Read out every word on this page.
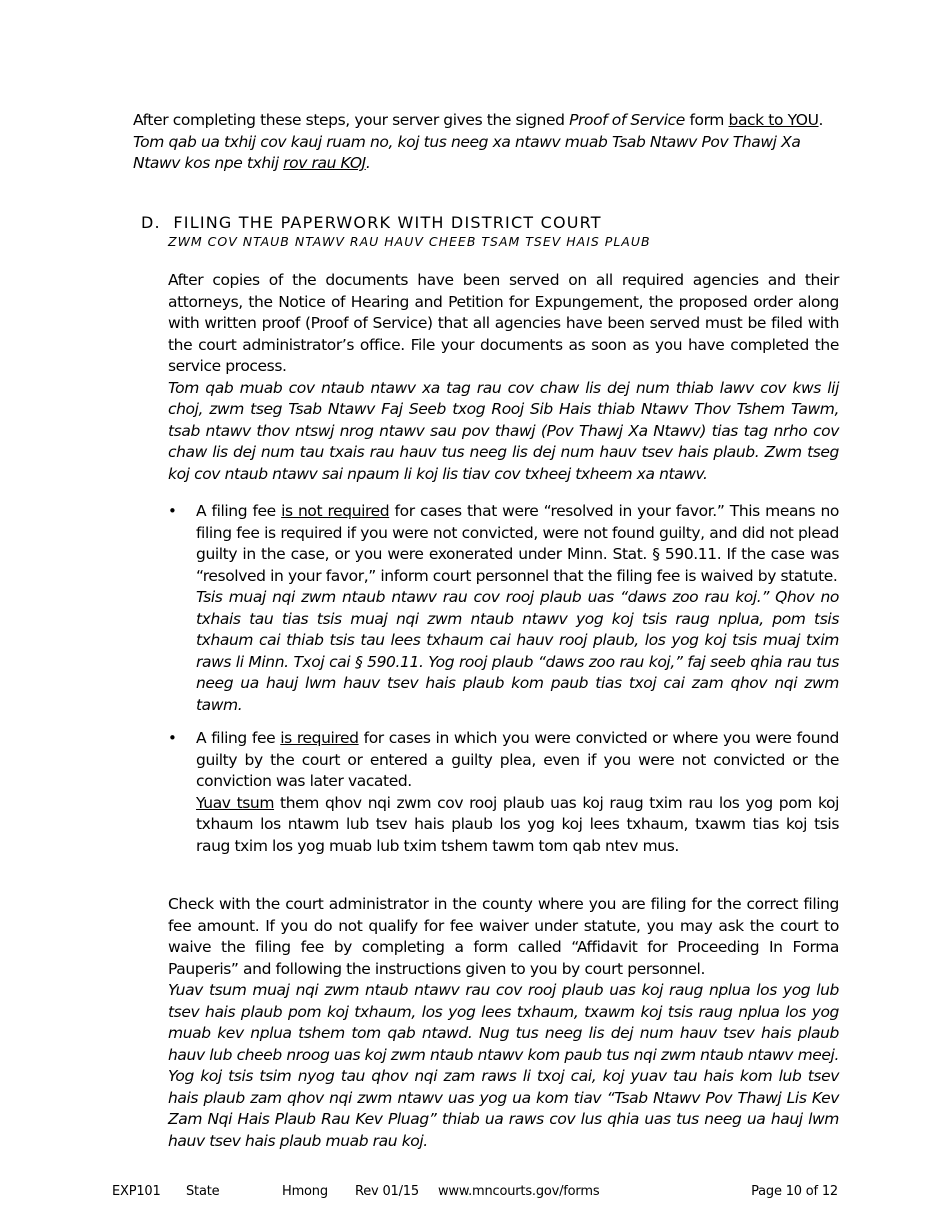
After completing these steps, your server gives the signed Proof of Service form back to YOU.

Tom qab ua txhij cov kauj ruam no, koj tus neeg xa ntawv muab Tsab Ntawv Pov Thawj Xa Ntawv kos npe txhij rov rau KOJ.

D. FILING THE PAPERWORK WITH DISTRICT COURT

ZWM COV NTAUB NTAWV RAU HAUV CHEEB TSAM TSEV HAIS PLAUB

After copies of the documents have been served on all required agencies and their attorneys, the Notice of Hearing and Petition for Expungement, the proposed order along with written proof (Proof of Service) that all agencies have been served must be filed with the court administrator’s office. File your documents as soon as you have completed the service process.

Tom qab muab cov ntaub ntawv xa tag rau cov chaw lis dej num thiab lawv cov kws lij choj, zwm tseg Tsab Ntawv Faj Seeb txog Rooj Sib Hais thiab Ntawv Thov Tshem Tawm, tsab ntawv thov ntswj nrog ntawv sau pov thawj (Pov Thawj Xa Ntawv) tias tag nrho cov chaw lis dej num tau txais rau hauv tus neeg lis dej num hauv tsev hais plaub. Zwm tseg koj cov ntaub ntawv sai npaum li koj lis tiav cov txheej txheem xa ntawv.

• A filing fee is not required for cases that were “resolved in your favor.” This means no filing fee is required if you were not convicted, were not found guilty, and did not plead guilty in the case, or you were exonerated under Minn. Stat. § 590.11. If the case was “resolved in your favor,” inform court personnel that the filing fee is waived by statute.

Tsis muaj nqi zwm ntaub ntawv rau cov rooj plaub uas “daws zoo rau koj.” Qhov no txhais tau tias tsis muaj nqi zwm ntaub ntawv yog koj tsis raug nplua, pom tsis txhaum cai thiab tsis tau lees txhaum cai hauv rooj plaub, los yog koj tsis muaj txim raws li Minn. Txoj cai § 590.11. Yog rooj plaub “daws zoo rau koj,” faj seeb qhia rau tus neeg ua hauj lwm hauv tsev hais plaub kom paub tias txoj cai zam qhov nqi zwm tawm.

• A filing fee is required for cases in which you were convicted or where you were found guilty by the court or entered a guilty plea, even if you were not convicted or the conviction was later vacated.

Yuav tsum them qhov nqi zwm cov rooj plaub uas koj raug txim rau los yog pom koj txhaum los ntawm lub tsev hais plaub los yog koj lees txhaum, txawm tias koj tsis raug txim los yog muab lub txim tshem tawm tom qab ntev mus.

Check with the court administrator in the county where you are filing for the correct filing fee amount. If you do not qualify for fee waiver under statute, you may ask the court to waive the filing fee by completing a form called “Affidavit for Proceeding In Forma Pauperis” and following the instructions given to you by court personnel.

Yuav tsum muaj nqi zwm ntaub ntawv rau cov rooj plaub uas koj raug nplua los yog lub tsev hais plaub pom koj txhaum, los yog lees txhaum, txawm koj tsis raug nplua los yog muab kev nplua tshem tom qab ntawd. Nug tus neeg lis dej num hauv tsev hais plaub hauv lub cheeb nroog uas koj zwm ntaub ntawv kom paub tus nqi zwm ntaub ntawv meej. Yog koj tsis tsim nyog tau qhov nqi zam raws li txoj cai, koj yuav tau hais kom lub tsev hais plaub zam qhov nqi zwm ntawv uas yog ua kom tiav “Tsab Ntawv Pov Thawj Lis Kev Zam Nqi Hais Plaub Rau Kev Pluag” thiab ua raws cov lus qhia uas tus neeg ua hauj lwm hauv tsev hais plaub muab rau koj.

EXP101 State	Hmong Rev 01/15 www.mncourts.gov/forms	Page 10 of 12
